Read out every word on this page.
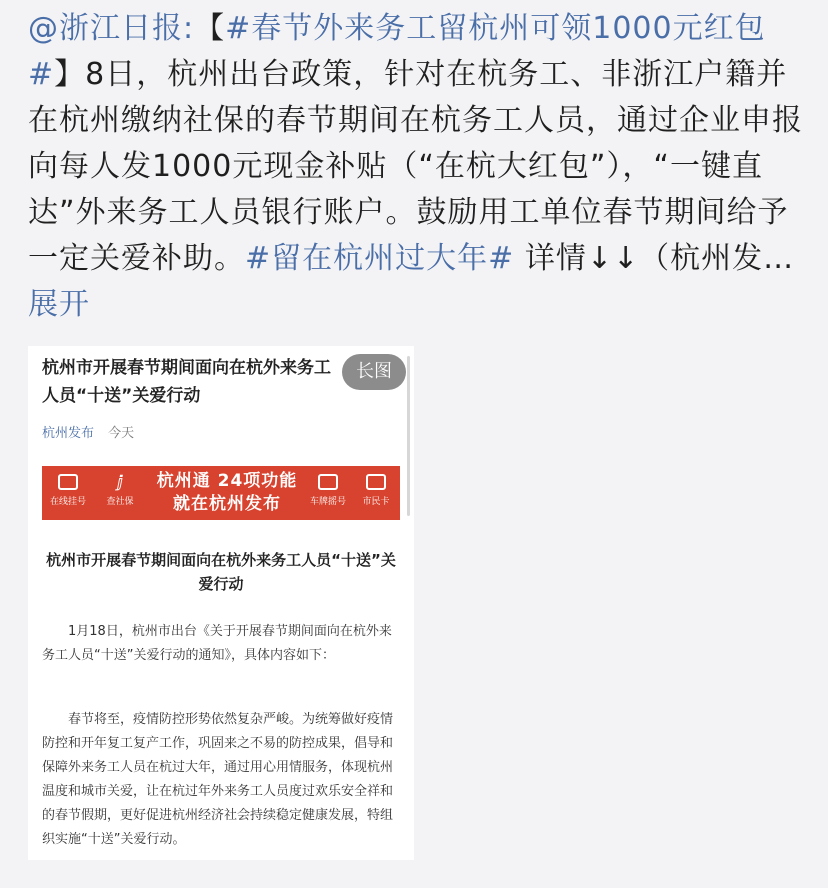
@浙江日报:【#春节外来务工留杭州可领1000元红包#】8日，杭州出台政策，针对在杭务工、非浙江户籍并在杭州缴纳社保的春节期间在杭务工人员，通过企业申报向每人发1000元现金补贴（“在杭大红包”），“一键直达”外来务工人员银行账户。鼓励用工单位春节期间给予一定关爱补助。#留在杭州过大年# 详情↓↓（杭州发… 展开
杭州市开展春节期间面向在杭外来务工人员“十送”关爱行动
长图
杭州发布 今天
在线挂号
ⅉ
查社保
杭州通 24项功能
就在杭州发布	车牌摇号	市民卡
杭州市开展春节期间面向在杭外来务工人员“十送”关爱行动
1月18日，杭州市出台《关于开展春节期间面向在杭外来务工人员“十送”关爱行动的通知》，具体内容如下：
春节将至，疫情防控形势依然复杂严峻。为统筹做好疫情防控和开年复工复产工作，巩固来之不易的防控成果，倡导和保障外来务工人员在杭过大年，通过用心用情服务，体现杭州温度和城市关爱，让在杭过年外来务工人员度过欢乐安全祥和的春节假期，更好促进杭州经济社会持续稳定健康发展，特组织实施“十送”关爱行动。
